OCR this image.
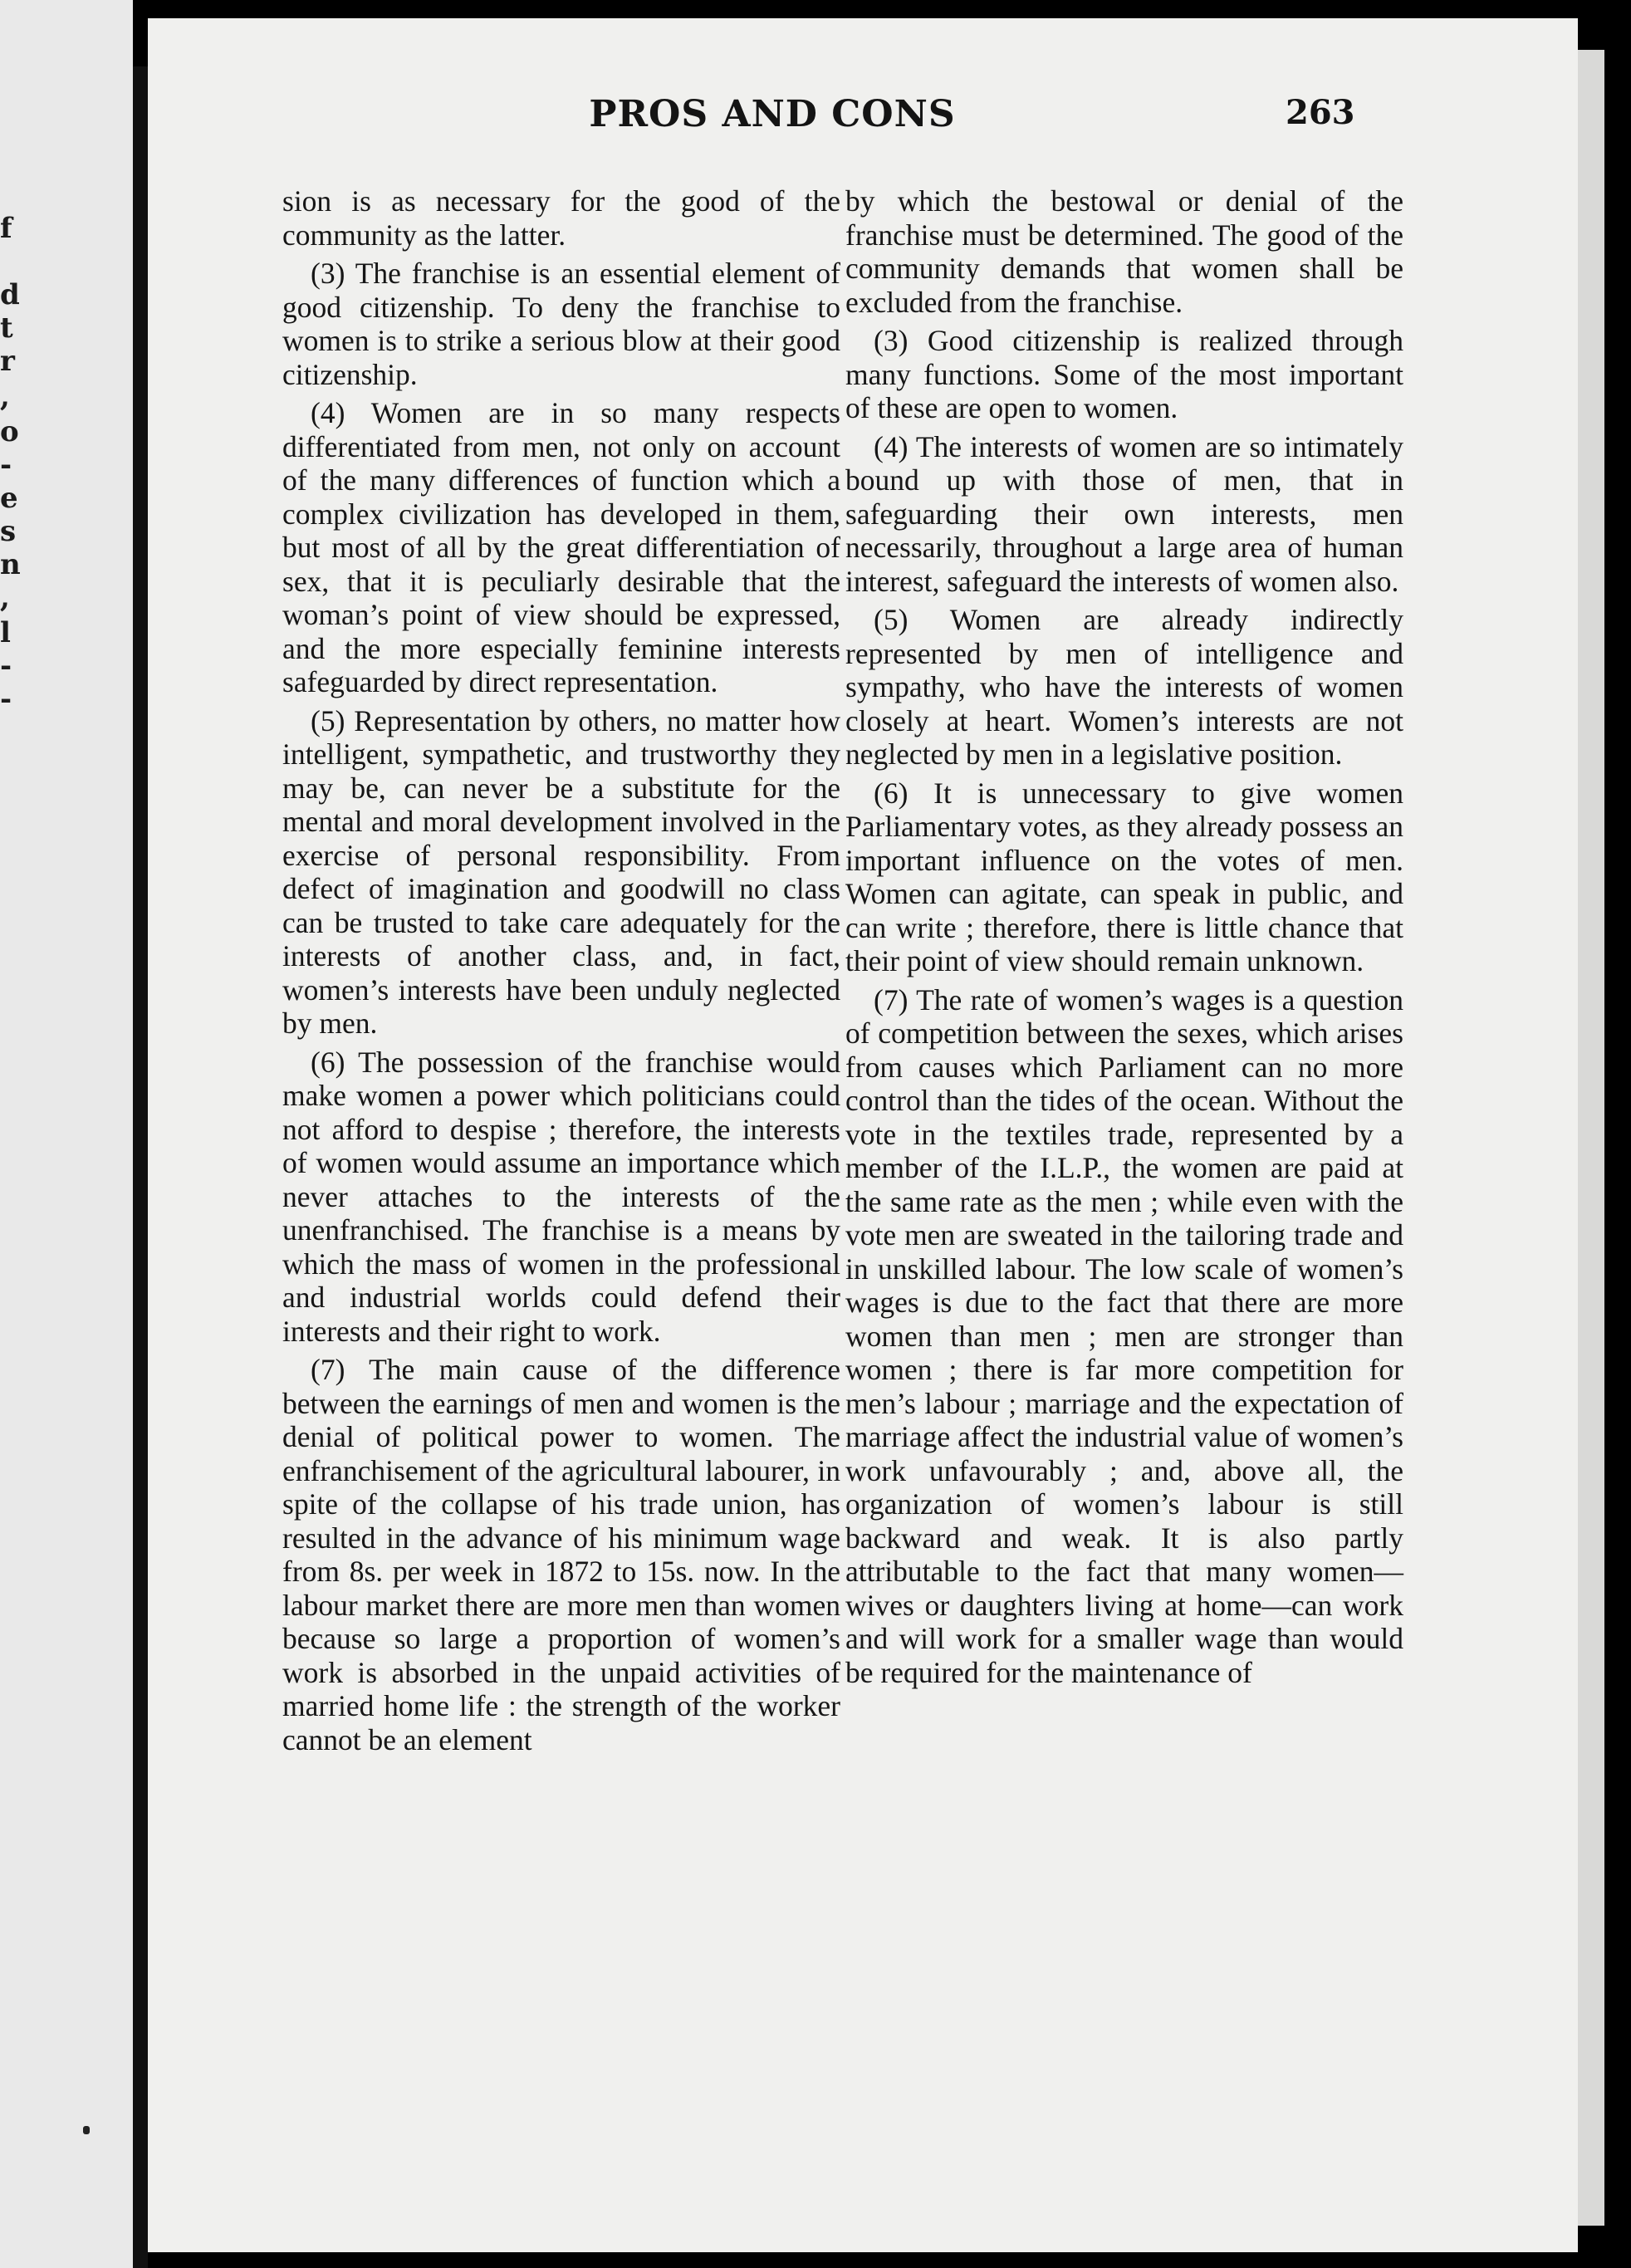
f
d
t
r
,
o
-
e
s
n
,
l
-
-
PROS AND CONS	263

sion is as necessary for the good of the community as the latter.

(3) The franchise is an essential element of good citizenship. To deny the franchise to women is to strike a serious blow at their good citizenship.

(4) Women are in so many respects differentiated from men, not only on account of the many differences of function which a complex civilization has developed in them, but most of all by the great differentiation of sex, that it is peculiarly desirable that the woman’s point of view should be expressed, and the more especially feminine interests safeguarded by direct representation.

(5) Representation by others, no matter how intelligent, sympathetic, and trustworthy they may be, can never be a substitute for the mental and moral development involved in the exercise of personal responsibility. From defect of imagination and goodwill no class can be trusted to take care adequately for the interests of another class, and, in fact, women’s interests have been unduly neglected by men.

(6) The possession of the franchise would make women a power which politicians could not afford to despise ; therefore, the interests of women would assume an importance which never attaches to the interests of the unenfranchised. The franchise is a means by which the mass of women in the professional and industrial worlds could defend their interests and their right to work.

(7) The main cause of the difference between the earnings of men and women is the denial of political power to women. The enfranchisement of the agricultural labourer, in spite of the collapse of his trade union, has resulted in the advance of his minimum wage from 8s. per week in 1872 to 15s. now. In the labour market there are more men than women because so large a proportion of women’s work is absorbed in the unpaid activities of married home life : the strength of the worker cannot be an element

by which the bestowal or denial of the franchise must be determined. The good of the community demands that women shall be excluded from the franchise.

(3) Good citizenship is realized through many functions. Some of the most important of these are open to women.

(4) The interests of women are so intimately bound up with those of men, that in safeguarding their own interests, men necessarily, throughout a large area of human interest, safeguard the interests of women also.

(5) Women are already indirectly represented by men of intelligence and sympathy, who have the interests of women closely at heart. Women’s interests are not neglected by men in a legislative position.

(6) It is unnecessary to give women Parliamentary votes, as they already possess an important influence on the votes of men. Women can agitate, can speak in public, and can write ; therefore, there is little chance that their point of view should remain unknown.

(7) The rate of women’s wages is a question of competition between the sexes, which arises from causes which Parliament can no more control than the tides of the ocean. Without the vote in the textiles trade, represented by a member of the I.L.P., the women are paid at the same rate as the men ; while even with the vote men are sweated in the tailoring trade and in unskilled labour. The low scale of women’s wages is due to the fact that there are more women than men ; men are stronger than women ; there is far more competition for men’s labour ; marriage and the expectation of marriage affect the industrial value of women’s work unfavourably ; and, above all, the organization of women’s labour is still backward and weak. It is also partly attributable to the fact that many women—wives or daughters living at home—can work and will work for a smaller wage than would be required for the maintenance of
